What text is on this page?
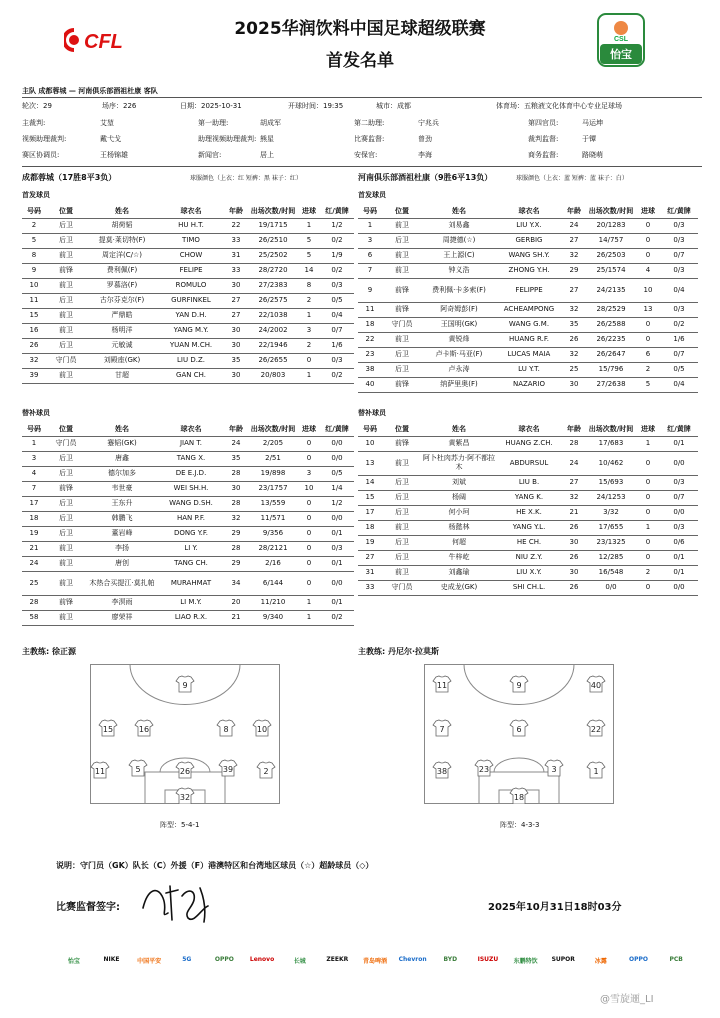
CFL	CSL
怡宝
2025华润饮料中国足球超级联赛
首发名单
主队 成都蓉城 — 河南俱乐部酒祖杜康 客队
轮次：29	场序：226	日期：2025-10-31	开球时间：19:35	城市：成都	体育场：五粮液文化体育中心专业足球场
主裁判:	艾堃	第一助理:	胡成军	第二助理:	宁兆兵	第四官员:	马运坤
视频助理裁判:	戴弋戈	助理视频助理裁判: 熊星	比赛监督:	曾劲	裁判监督:	于镡
赛区协调员:	王杨锦雄	新闻官:	居上	安保官:	李海	商务监督:	路晓萌
成都蓉城（17胜8平3负）	球服颜色（上衣：红 短裤：黑 袜子：红）	河南俱乐部酒祖杜康（9胜6平13负）	球服颜色（上衣：蓝 短裤：蓝 袜子：白）
首发球员	首发球员
号码	位置	姓名	球衣名	年龄	出场次数/时间	进球	红/黄牌
2	后卫	胡荷韬	HU H.T.	22	19/1715	1	1/2
5	后卫	提莫·莱切特(F)	TIMO	33	26/2510	5	0/2
8	前卫	周定洋(C/☆)	CHOW	31	25/2502	5	1/9
9	前锋	费利佩(F)	FELIPE	33	28/2720	14	0/2
10	前卫	罗慕洛(F)	ROMULO	30	27/2383	8	0/3
11	后卫	古尔芬克尔(F)	GURFINKEL	27	26/2575	2	0/5
15	前卫	严鼎皓	YAN D.H.	27	22/1038	1	0/4
16	前卫	杨明洋	YANG M.Y.	30	24/2002	3	0/7
26	后卫	元敏诚	YUAN M.CH.	30	22/1946	2	1/6
32	守门员	刘殿座(GK)	LIU D.Z.	35	26/2655	0	0/3
39	前卫	甘超	GAN CH.	30	20/803	1	0/2
号码	位置	姓名	球衣名	年龄	出场次数/时间	进球	红/黄牌
1	前卫	刘易鑫	LIU Y.X.	24	20/1283	0	0/3
3	后卫	周捷德(☆)	GERBIG	27	14/757	0	0/3
6	前卫	王上源(C)	WANG SH.Y.	32	26/2503	0	0/7
7	前卫	钟义浩	ZHONG Y.H.	29	25/1574	4	0/3
9	前锋	费利佩·卡多索(F)	FELIPPE	27	24/2135	10	0/4
11	前锋	阿奇姆彭(F)	ACHEAMPONG	32	28/2529	13	0/3
18	守门员	王国明(GK)	WANG G.M.	35	26/2588	0	0/2
22	前卫	黄锐烽	HUANG R.F.	26	26/2235	0	1/6
23	后卫	卢卡斯·马亚(F)	LUCAS MAIA	32	26/2647	6	0/7
38	后卫	卢永涛	LU Y.T.	25	15/796	2	0/5
40	前锋	纳萨里奥(F)	NAZARIO	30	27/2638	5	0/4
替补球员	替补球员
号码	位置	姓名	球衣名	年龄	出场次数/时间	进球	红/黄牌
1	守门员	蹇韬(GK)	JIAN T.	24	2/205	0	0/0
3	后卫	唐鑫	TANG X.	35	2/51	0	0/0
4	后卫	德尔加多	DE E.J.D.	28	19/898	3	0/5
7	前锋	韦世豪	WEI SH.H.	30	23/1757	10	1/4
17	后卫	王东升	WANG D.SH.	28	13/559	0	1/2
18	后卫	韩鹏飞	HAN P.F.	32	11/571	0	0/0
19	后卫	董岩峰	DONG Y.F.	29	9/356	0	0/1
21	前卫	李扬	LI Y.	28	28/2121	0	0/3
24	前卫	唐创	TANG CH.	29	2/16	0	0/1
25	前卫	木热合买提江·莫扎帕	MURAHMAT	34	6/144	0	0/0
28	前锋	李溟雨	LI M.Y.	20	11/210	1	0/1
58	前卫	廖荣祥	LIAO R.X.	21	9/340	1	0/2
号码	位置	姓名	球衣名	年龄	出场次数/时间	进球	红/黄牌
10	前锋	黄紫昌	HUANG Z.CH.	28	17/683	1	0/1
13	前卫	阿卜杜肉苏力·阿不都拉木	ABDURSUL	24	10/462	0	0/0
14	后卫	刘斌	LIU B.	27	15/693	0	0/3
15	后卫	杨阔	YANG K.	32	24/1253	0	0/7
17	后卫	何小珂	HE X.K.	21	3/32	0	0/0
18	前卫	杨懿林	YANG Y.L.	26	17/655	1	0/3
19	后卫	何超	HE CH.	30	23/1325	0	0/6
27	后卫	牛梓屹	NIU Z.Y.	26	12/285	0	0/1
31	前卫	刘鑫瑜	LIU X.Y.	30	16/548	2	0/1
33	守门员	史成龙(GK)	SHI CH.L.	26	0/0	0	0/0
主教练: 徐正源	主教练: 丹尼尔·拉莫斯
9
15	16	8	10
11	5	26	39	2
32
11	9	40
7	6	22
38	23	3	1
18
阵型：5-4-1	阵型：4-3-3
说明：守门员（GK）队长（C）外援（F）港澳特区和台湾地区球员（☆）超龄球员（◇）
比赛监督签字:	2025年10月31日18时03分
怡宝	NIKE	中国平安	5G	OPPO	Lenovo	长城	ZEEKR	青岛啤酒	Chevron	BYD	ISUZU	东鹏特饮	SUPOR	冰露	OPPO	PCB
@雪旋逦_LI
